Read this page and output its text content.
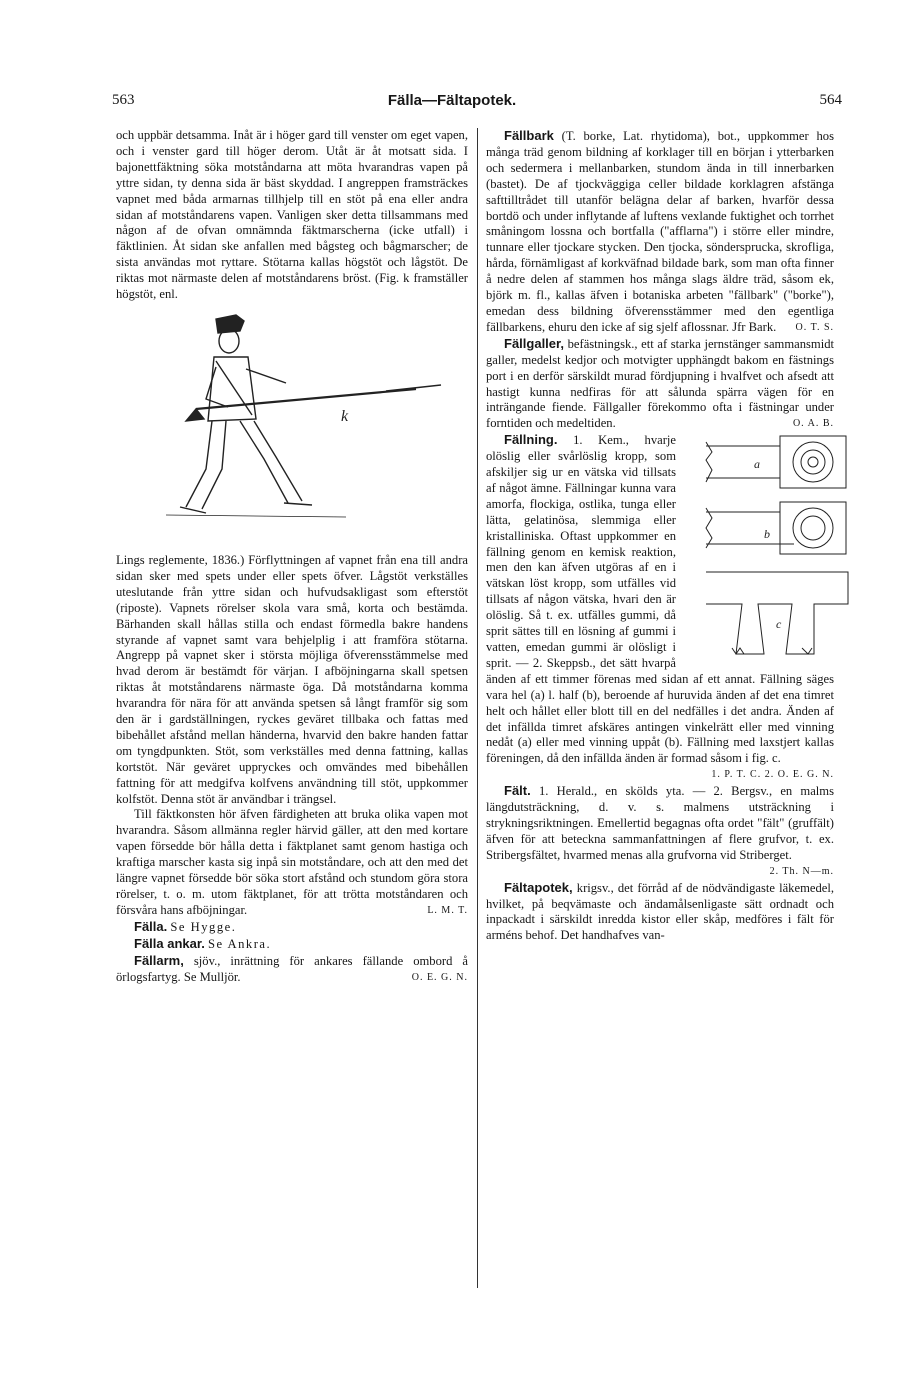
563	Fälla—Fältapotek.	564

och uppbär detsamma. Inåt är i höger gard till venster om eget vapen, och i venster gard till höger derom. Utåt är åt motsatt sida. I bajonettfäktning söka motståndarna att möta hvarandras vapen på yttre sidan, ty denna sida är bäst skyddad. I angreppen framsträckes vapnet med båda armarnas tillhjelp till en stöt på ena eller andra sidan af motståndarens vapen. Vanligen sker detta tillsammans med någon af de ofvan omnämnda fäktmarscherna (icke utfall) i fäktlinien. Åt sidan ske anfallen med bågsteg och bågmarscher; de sista användas mot ryttare. Stötarna kallas högstöt och lågstöt. De riktas mot närmaste delen af motståndarens bröst. (Fig. k framställer högstöt, enl.

k

Lings reglemente, 1836.) Förflyttningen af vapnet från ena till andra sidan sker med spets under eller spets öfver. Lågstöt verkställes uteslutande från yttre sidan och hufvudsakligast som efterstöt (riposte). Vapnets rörelser skola vara små, korta och bestämda. Bärhanden skall hållas stilla och endast förmedla bakre handens styrande af vapnet samt vara behjelplig i att framföra stötarna. Angrepp på vapnet sker i största möjliga öfverensstämmelse med hvad derom är bestämdt för värjan. I afböjningarna skall spetsen riktas åt motståndarens närmaste öga. Då motståndarna komma hvarandra för nära för att använda spetsen så långt framför sig som den är i gardställningen, ryckes geväret tillbaka och fattas med bibehållet afstånd mellan händerna, hvarvid den bakre handen fattar om tyngdpunkten. Stöt, som verkställes med denna fattning, kallas kortstöt. När geväret uppryckes och omvändes med bibehållen fattning för att medgifva kolfvens användning till stöt, uppkommer kolfstöt. Denna stöt är användbar i trängsel.

Till fäktkonsten hör äfven färdigheten att bruka olika vapen mot hvarandra. Såsom allmänna regler härvid gäller, att den med kortare vapen försedde bör hålla detta i fäktplanet samt genom hastiga och kraftiga marscher kasta sig inpå sin motståndare, och att den med det längre vapnet försedde bör söka stort afstånd och stundom göra stora rörelser, t. o. m. utom fäktplanet, för att trötta motståndaren och försvåra hans afböjningar.	L. M. T.

Fälla. Se Hygge.

Fälla ankar. Se Ankra.

Fällarm, sjöv., inrättning för ankares fällande ombord å örlogsfartyg. Se Mulljör.	O. E. G. N.

Fällbark (T. borke, Lat. rhytidoma), bot., uppkommer hos många träd genom bildning af korklager till en början i ytterbarken och sedermera i mellanbarken, stundom ända in till innerbarken (bastet). De af tjockväggiga celler bildade korklagren afstänga safttilltrådet till utanför belägna delar af barken, hvarför dessa bortdö och under inflytande af luftens vexlande fuktighet och torrhet småningom lossna och bortfalla ("afflarna") i större eller mindre, tunnare eller tjockare stycken. Den tjocka, söndersprucka, skrofliga, hårda, förnämligast af korkväfnad bildade bark, som man ofta finner å nedre delen af stammen hos många slags äldre träd, såsom ek, björk m. fl., kallas äfven i botaniska arbeten "fällbark" ("borke"), emedan dess bildning öfverensstämmer med den egentliga fällbarkens, ehuru den icke af sig sjelf aflossnar. Jfr Bark.	O. T. S.

Fällgaller, befästningsk., ett af starka jernstänger sammansmidt galler, medelst kedjor och motvigter upphängdt bakom en fästnings port i en derför särskildt murad fördjupning i hvalfvet och afsedt att hastigt kunna nedfiras för att sålunda spärra vägen för en inträngande fiende. Fällgaller förekommo ofta i fästningar under forntiden och medeltiden.	O. A. B.

a
b
c
Fällning. 1. Kem., hvarje olöslig eller svårlöslig kropp, som afskiljer sig ur en vätska vid tillsats af något ämne. Fällningar kunna vara amorfa, flockiga, ostlika, tunga eller lätta, gelatinösa, slemmiga eller kristalliniska. Oftast uppkommer en fällning genom en kemisk reaktion, men den kan äfven utgöras af en i vätskan löst kropp, som utfälles vid tillsats af någon vätska, hvari den är olöslig. Så t. ex. utfälles gummi, då sprit sättes till en lösning af gummi i vatten, emedan gummi är olösligt i sprit. — 2. Skeppsb., det sätt hvarpå änden af ett timmer förenas med sidan af ett annat. Fällning säges vara hel (a) l. half (b), beroende af huruvida änden af det ena timret helt och hållet eller blott till en del nedfälles i det andra. Änden af det infällda timret afskäres antingen vinkelrätt eller med vinning nedåt (a) eller med vinning uppåt (b). Fällning med laxstjert kallas föreningen, då den infällda änden är formad såsom i fig. c.
1. P. T. C. 2. O. E. G. N.

Fält. 1. Herald., en skölds yta. — 2. Bergsv., en malms längdutsträckning, d. v. s. malmens utsträckning i strykningsriktningen. Emellertid begagnas ofta ordet "fält" (gruffält) äfven för att beteckna sammanfattningen af flere grufvor, t. ex. Stribergsfältet, hvarmed menas alla grufvorna vid Striberget.
2. Th. N—m.

Fältapotek, krigsv., det förråd af de nödvändigaste läkemedel, hvilket, på beqvämaste och ändamålsenligaste sätt ordnadt och inpackadt i särskildt inredda kistor eller skåp, medföres i fält för arméns behof. Det handhafves van-
